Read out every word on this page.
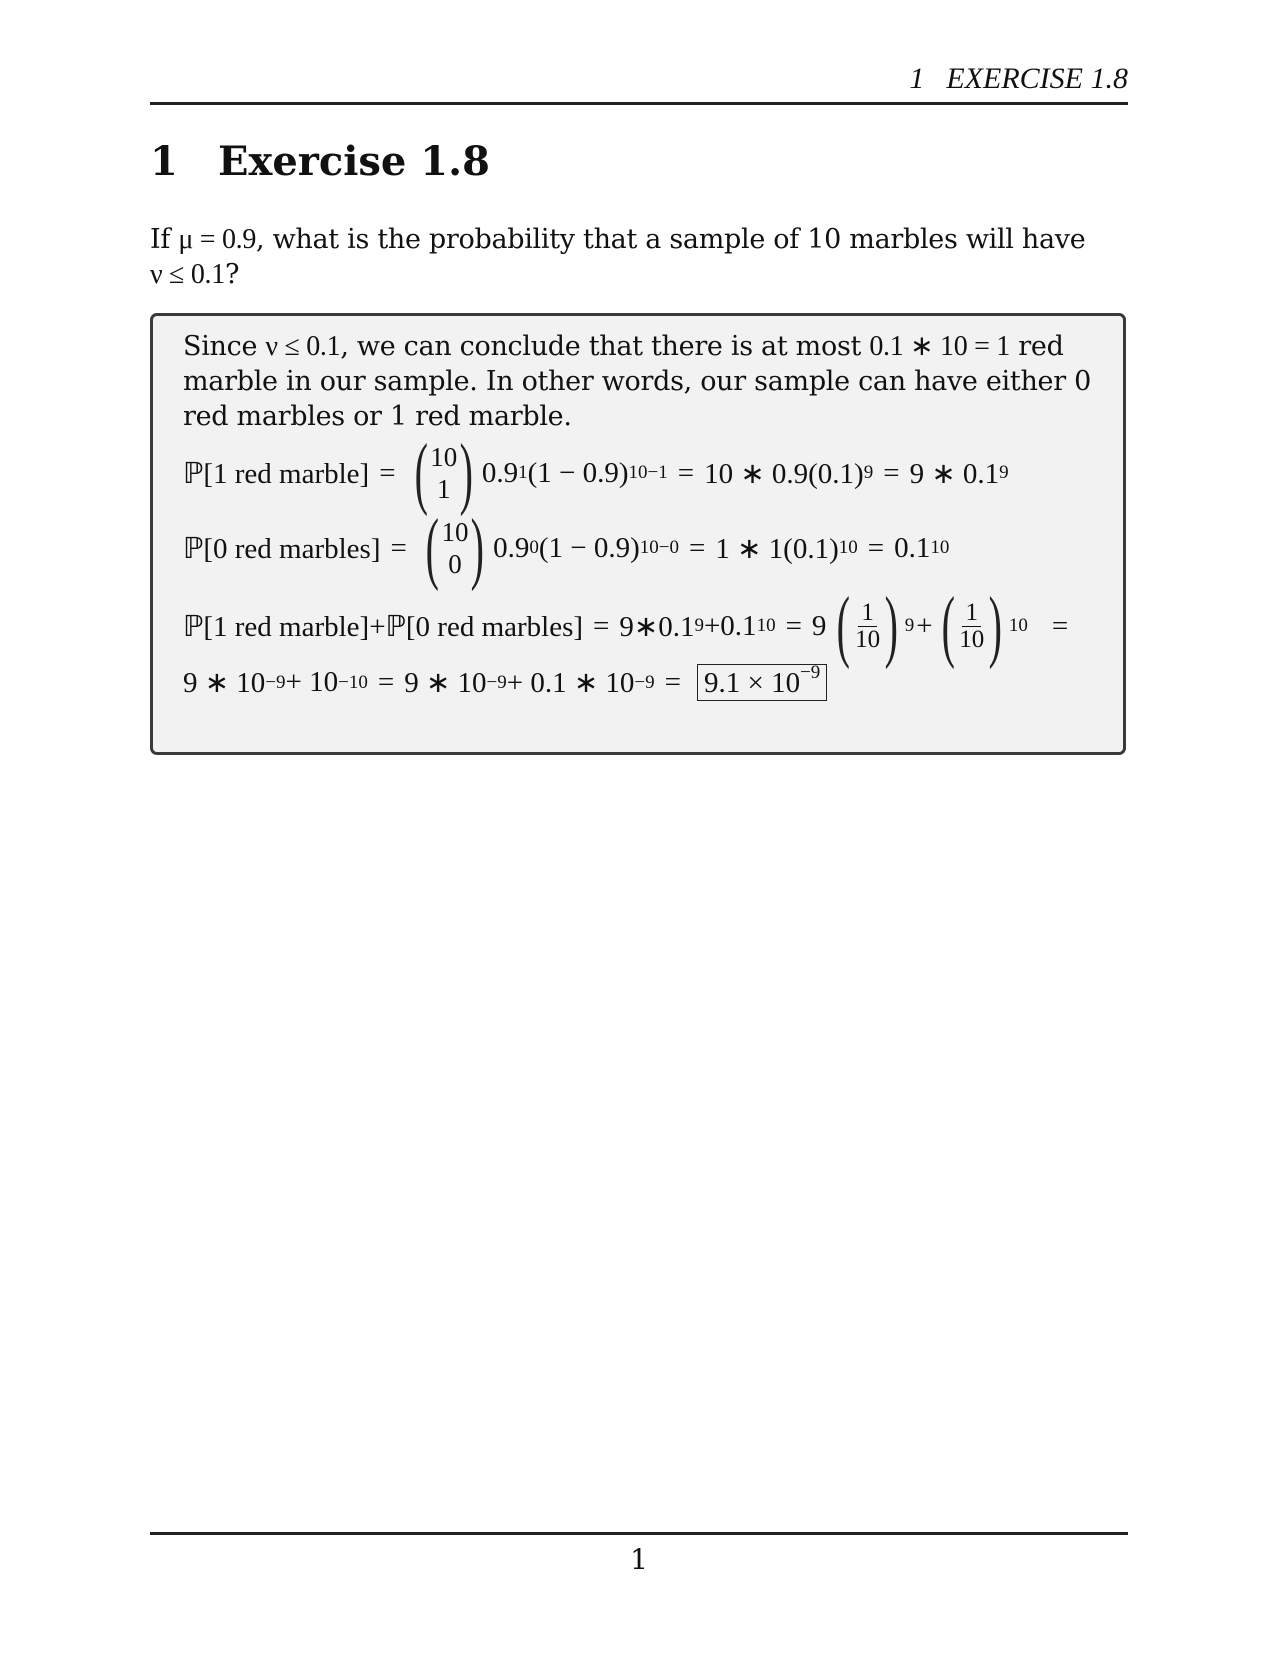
1 EXERCISE 1.8
1 Exercise 1.8
If μ = 0.9, what is the probability that a sample of 10 marbles will have
ν ≤ 0.1?
Since ν ≤ 0.1, we can conclude that there is at most 0.1 ∗ 10 = 1 red marble in our sample. In other words, our sample can have either 0 red marbles or 1 red marble.
ℙ[1 red marble] = ( 10
1 ) 0.9 1 (1 − 0.9) 10−1 = 10 ∗ 0.9(0.1) 9 = 9 ∗ 0.1 9
ℙ[0 red marbles] = ( 10
0 ) 0.9 0 (1 − 0.9) 10−0 = 1 ∗ 1(0.1) 10 = 0.1 10
ℙ[1 red marble]+ℙ[0 red marbles] = 9∗0.1 9 +0.1 10 = 9 ( $\frac{1}{10}$ ) 9 + ( $\frac{1}{10}$ ) 10 =
9 ∗ 10 −9 + 10 −10 = 9 ∗ 10 −9 + 0.1 ∗ $10 -9 = 9.1 \times 10^{-9}$
1
